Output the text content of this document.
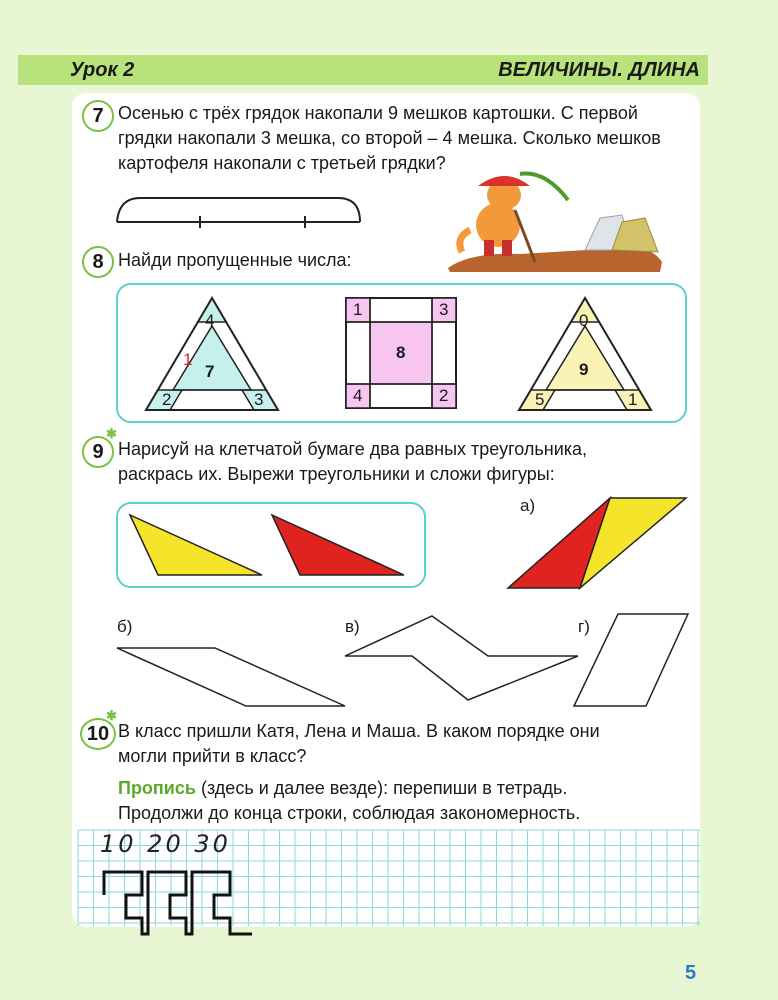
Урок 2	ВЕЛИЧИНЫ. ДЛИНА
7 Осенью с трёх грядок накопали 9 мешков картошки. С первой
грядки накопали 3 мешка, со второй – 4 мешка. Сколько мешков
картофеля накопали с третьей грядки?
10 20 30
8 Найди пропущенные числа:
4
1
7
2	3
1	3
4	2
8
0
9
5	1
9
✱
Нарисуй на клетчатой бумаге два равных треугольника,
раскрась их. Вырежи треугольники и сложи фигуры:
а)
б)	в)	г)
10
✱
В класс пришли Катя, Лена и Маша. В каком порядке они
могли прийти в класс?
Пропись (здесь и далее везде): перепиши в тетрадь.
Продолжи до конца строки, соблюдая закономерность.
5
